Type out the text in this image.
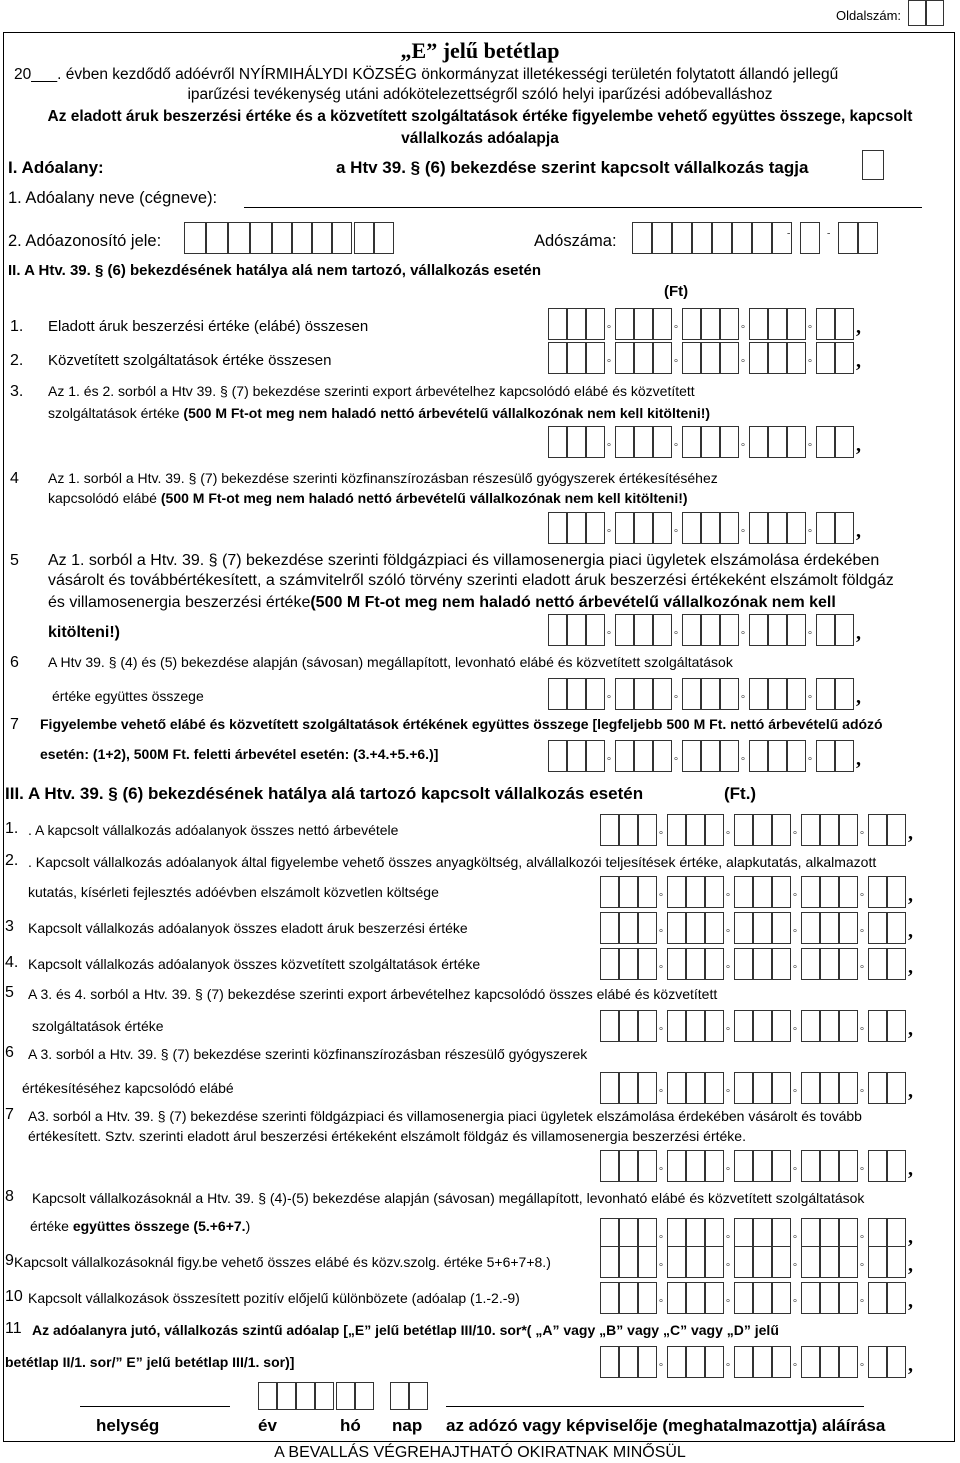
Oldalszám:
„E” jelű betétlap
20___. évben kezdődő adóévről NYÍRMIHÁLYDI KÖZSÉG önkormányzat illetékességi területén folytatott állandó jellegű
iparűzési tevékenység utáni adókötelezettségről szóló helyi iparűzési adóbevalláshoz
Az eladott áruk beszerzési értéke és a közvetített szolgáltatások értéke figyelembe vehető együttes összege, kapcsolt
vállalkozás adóalapja
I. Adóalany:	a Htv 39. § (6) bekezdése szerint kapcsolt vállalkozás tagja
1. Adóalany neve (cégneve):
2. Adóazonosító jele:	Adószáma:	-	-
II. A Htv. 39. § (6) bekezdésének hatálya alá nem tartozó, vállalkozás esetén
(Ft)
1. Eladott áruk beszerzési értéke (elábé) összesen	°	°	°	° ,
2. Közvetített szolgáltatások értéke összesen	°	°	°	° ,
3. Az 1. és 2. sorból a Htv 39. § (7) bekezdése szerinti export árbevételhez kapcsolódó elábé és közvetített
szolgáltatások értéke (500 M Ft-ot meg nem haladó nettó árbevételű vállalkozónak nem kell kitölteni!)
°	°	°	° ,
4 Az 1. sorból a Htv. 39. § (7) bekezdése szerinti közfinanszírozásban részesülő gyógyszerek értékesítéséhez
kapcsolódó elábé (500 M Ft-ot meg nem haladó nettó árbevételű vállalkozónak nem kell kitölteni!)
°	°	°	° ,
5 Az 1. sorból a Htv. 39. § (7) bekezdése szerinti földgázpiaci és villamosenergia piaci ügyletek elszámolása érdekében
vásárolt és továbbértékesített, a számvitelről szóló törvény szerinti eladott áruk beszerzési értékeként elszámolt földgáz
és villamosenergia beszerzési értéke(500 M Ft-ot meg nem haladó nettó árbevételű vállalkozónak nem kell
kitölteni!)	°	°	°	° ,
6 A Htv 39. § (4) és (5) bekezdése alapján (sávosan) megállapított, levonható elábé és közvetített szolgáltatások
értéke együttes összege	°	°	°	° ,
7 Figyelembe vehető elábé és közvetített szolgáltatások értékének együttes összege [legfeljebb 500 M Ft. nettó árbevételű adózó
esetén: (1+2), 500M Ft. feletti árbevétel esetén: (3.+4.+5.+6.)]	°	°	°	° ,
III. A Htv. 39. § (6) bekezdésének hatálya alá tartozó kapcsolt vállalkozás esetén	(Ft.)
1. . A kapcsolt vállalkozás adóalanyok összes nettó árbevétele	°	°	°	° ,
2. . Kapcsolt vállalkozás adóalanyok által figyelembe vehető összes anyagköltség, alvállalkozói teljesítések értéke, alapkutatás, alkalmazott
kutatás, kísérleti fejlesztés adóévben elszámolt közvetlen költsége	°	°	°	° ,
3 Kapcsolt vállalkozás adóalanyok összes eladott áruk beszerzési értéke	°	°	°	° ,
4. Kapcsolt vállalkozás adóalanyok összes közvetített szolgáltatások értéke	°	°	°	° ,
5 A 3. és 4. sorból a Htv. 39. § (7) bekezdése szerinti export árbevételhez kapcsolódó összes elábé és közvetített
szolgáltatások értéke	°	°	°	° ,
6 A 3. sorból a Htv. 39. § (7) bekezdése szerinti közfinanszírozásban részesülő gyógyszerek
értékesítéséhez kapcsolódó elábé	°	°	°	° ,
7 A3. sorból a Htv. 39. § (7) bekezdése szerinti földgázpiaci és villamosenergia piaci ügyletek elszámolása érdekében vásárolt és tovább
értékesített. Sztv. szerinti eladott árul beszerzési értékeként elszámolt földgáz és villamosenergia beszerzési értéke.
°	°	°	° ,
8 Kapcsolt vállalkozásoknál a Htv. 39. § (4)-(5) bekezdése alapján (sávosan) megállapított, levonható elábé és közvetített szolgáltatások
értéke együttes összege (5.+6+7.)
°	°	°	° ,
9 Kapcsolt vállalkozásoknál figy.be vehető összes elábé és közv.szolg. értéke 5+6+7+8.)	°	°	°	° ,
10 Kapcsolt vállalkozások összesített pozitív előjelű különbözete (adóalap (1.-2.-9)	°	°	°	° ,
11 Az adóalanyra jutó, vállalkozás szintű adóalap [„E” jelű betétlap III/10. sor*( „A” vagy „B” vagy „C” vagy „D” jelű
betétlap II/1. sor/” E” jelű betétlap III/1. sor)]	°	°	°	° ,
helység	év	hó nap az adózó vagy képviselője (meghatalmazottja) aláírása
A BEVALLÁS VÉGREHAJTHATÓ OKIRATNAK MINŐSÜL
